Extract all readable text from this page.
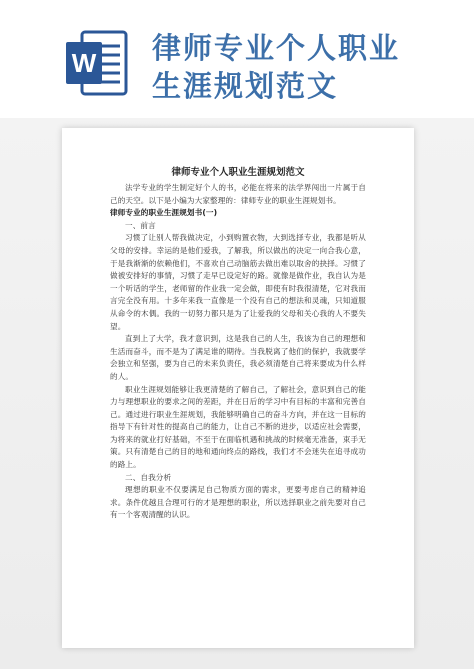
W 律师专业个人职业
生涯规划范文
律师专业个人职业生涯规划范文

法学专业的学生制定好个人的书，必能在将来的法学界闯出一片属于自己的天空。以下是小编为大家整理的：律师专业的职业生涯规划书。

律师专业的职业生涯规划书(一)

一、前言

习惯了让别人帮我做决定，小到购置衣物，大到选择专业，我都是听从父母的安排。幸运的是他们爱我，了解我，所以做出的决定一向合我心意，于是我渐渐的依赖他们，不喜欢自己动脑筋去做出难以取舍的抉择。习惯了做被安排好的事情，习惯了走早已设定好的路。就像是做作业，我自认为是一个听话的学生，老师留的作业我一定会做，即使有时我很清楚，它对我而言完全没有用。十多年来我一直像是一个没有自己的想法和灵魂，只知道服从命令的木偶。我的一切努力都只是为了让爱我的父母和关心我的人不要失望。

直到上了大学，我才意识到，这是我自己的人生，我该为自己的理想和生活而奋斗，而不是为了满足谁的期待。当我脱离了他们的保护，我就要学会独立和坚强，要为自己的未来负责任，我必须清楚自己将来要成为什么样的人。

职业生涯规划能够让我更清楚的了解自己，了解社会，意识到自己的能力与理想职业的要求之间的差距，并在日后的学习中有目标的丰富和完善自己。通过进行职业生涯规划，我能够明确自己的奋斗方向，并在这一目标的指导下有针对性的提高自己的能力，让自己不断的进步，以适应社会需要，为将来的就业打好基础，不至于在面临机遇和挑战的时候毫无准备，束手无策。只有清楚自己的目的地和通向终点的路线，我们才不会迷失在追寻成功的路上。

二、自我分析

理想的职业不仅要满足自己物质方面的需求，更要考虑自己的精神追求。条件优越且合理可行的才是理想的职业，所以选择职业之前先要对自己有一个客观清醒的认识。
